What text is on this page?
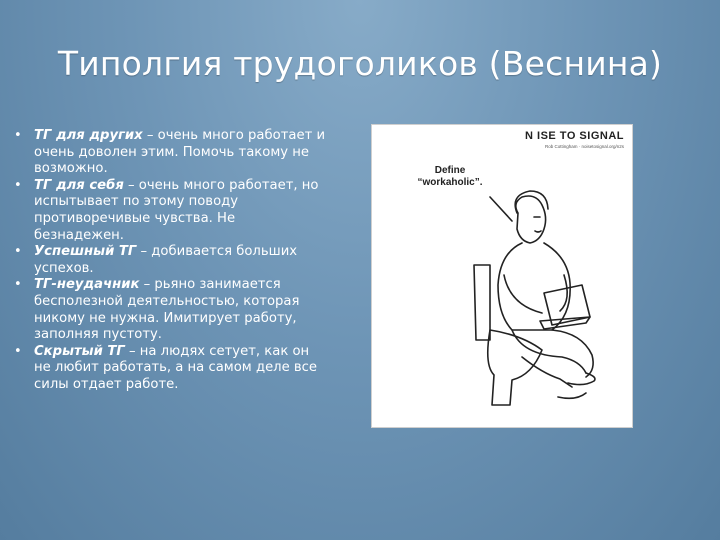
Типолгия трудоголиков (Веснина)
• ТГ для других – очень много работает и очень доволен этим. Помочь такому не возможно.
• ТГ для себя – очень много работает, но испытывает по этому поводу противоречивые чувства. Не безнадежен.
• Успешный ТГ – добивается больших успехов.
• ТГ-неудачник – рьяно занимается бесполезной деятельностью, которая никому не нужна. Имитирует работу, заполняя пустоту.
• Скрытый ТГ – на людях сетует, как он не любит работать, а на самом деле все силы отдает работе.
N ISE TO SIGNAL
Rob Cottingham · noisetosignal.org/n2s
Define
“workaholic”.
